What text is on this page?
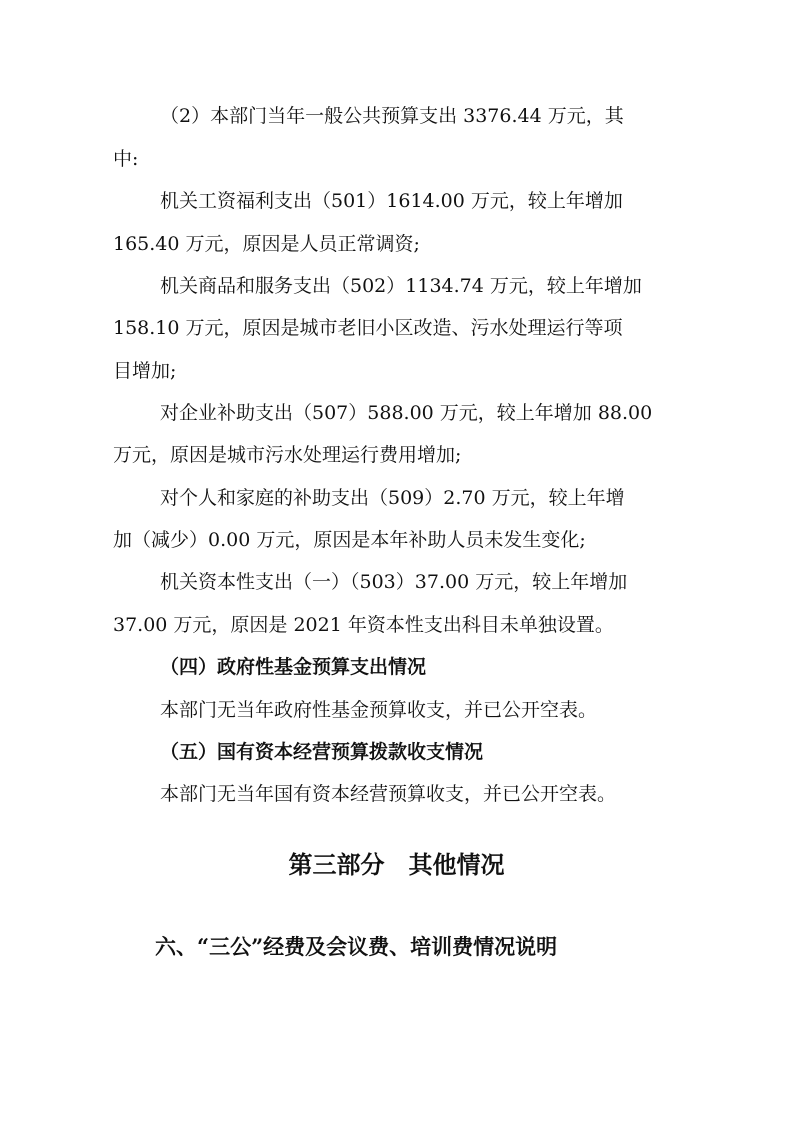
（2）本部门当年一般公共预算支出 3376.44 万元，其
中:
机关工资福利支出（501）1614.00 万元，较上年增加
165.40 万元，原因是人员正常调资;
机关商品和服务支出（502）1134.74 万元，较上年增加
158.10 万元，原因是城市老旧小区改造、污水处理运行等项
目增加;
对企业补助支出（507）588.00 万元，较上年增加 88.00
万元，原因是城市污水处理运行费用增加;
对个人和家庭的补助支出（509）2.70 万元，较上年增
加（减少）0.00 万元，原因是本年补助人员未发生变化;
机关资本性支出（一）（503）37.00 万元，较上年增加
37.00 万元，原因是 2021 年资本性支出科目未单独设置。
（四）政府性基金预算支出情况
本部门无当年政府性基金预算收支，并已公开空表。
（五）国有资本经营预算拨款收支情况
本部门无当年国有资本经营预算收支，并已公开空表。
第三部分　其他情况
六、“三公”经费及会议费、培训费情况说明
